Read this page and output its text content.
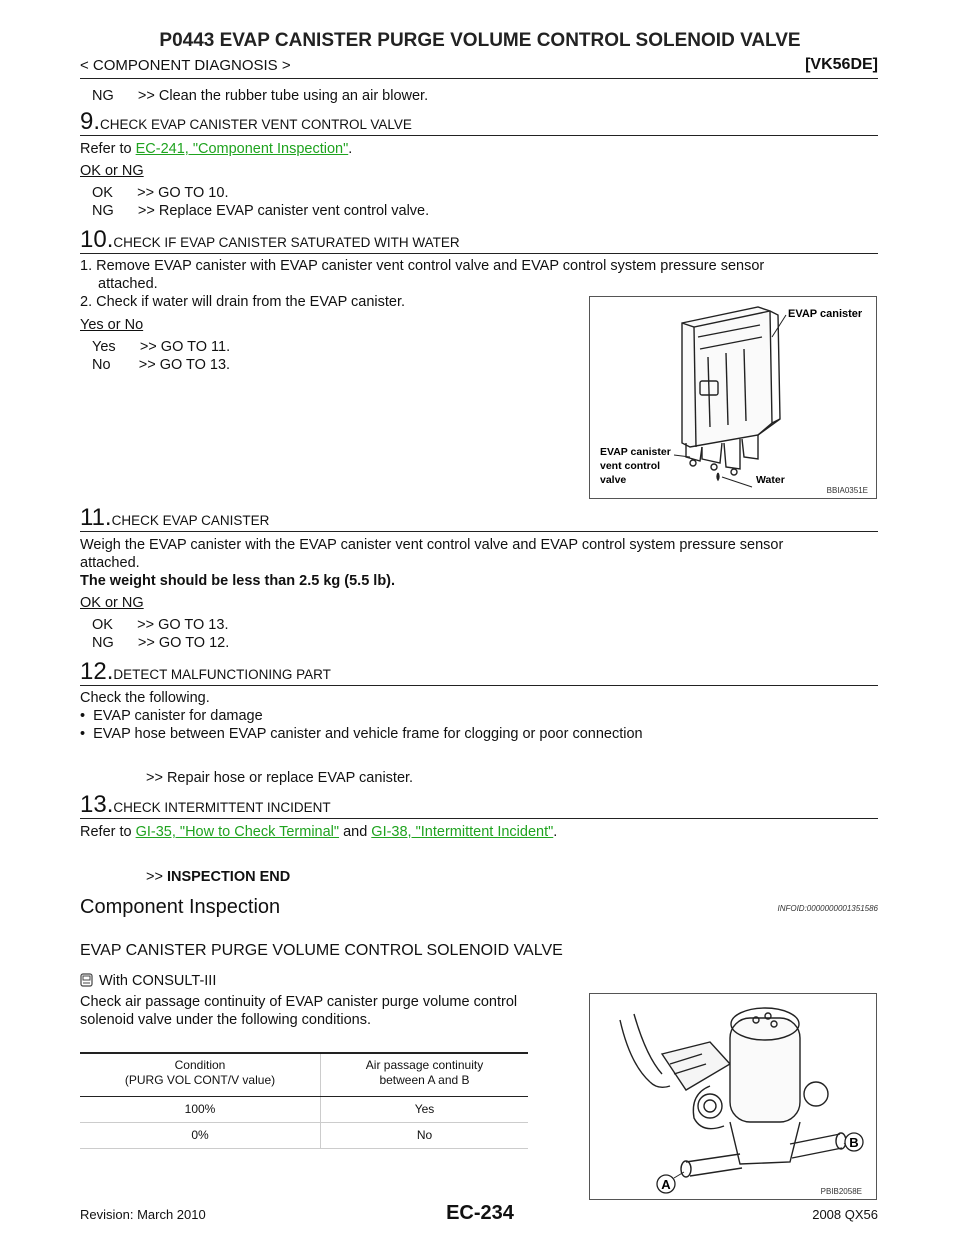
P0443 EVAP CANISTER PURGE VOLUME CONTROL SOLENOID VALVE
< COMPONENT DIAGNOSIS >	[VK56DE]
NG      >> Clean the rubber tube using an air blower.
9.CHECK EVAP CANISTER VENT CONTROL VALVE
Refer to EC-241, "Component Inspection".
OK or NG
OK      >> GO TO 10.
NG      >> Replace EVAP canister vent control valve.
10.CHECK IF EVAP CANISTER SATURATED WITH WATER
1. Remove EVAP canister with EVAP canister vent control valve and EVAP control system pressure sensor
attached.
2. Check if water will drain from the EVAP canister.
Yes or No
Yes      >> GO TO 11.
No       >> GO TO 13.
EVAP canister
EVAP canister
vent control
valve	Water
BBIA0351E
11.CHECK EVAP CANISTER
Weigh the EVAP canister with the EVAP canister vent control valve and EVAP control system pressure sensor
attached.
The weight should be less than 2.5 kg (5.5 lb).
OK or NG
OK      >> GO TO 13.
NG      >> GO TO 12.
12.DETECT MALFUNCTIONING PART
Check the following.
•  EVAP canister for damage
•  EVAP hose between EVAP canister and vehicle frame for clogging or poor connection
>> Repair hose or replace EVAP canister.
13.CHECK INTERMITTENT INCIDENT
Refer to GI-35, "How to Check Terminal" and GI-38, "Intermittent Incident".
>> INSPECTION END
Component Inspection	INFOID:0000000001351586
EVAP CANISTER PURGE VOLUME CONTROL SOLENOID VALVE
With CONSULT-III
Check air passage continuity of EVAP canister purge volume control
solenoid valve under the following conditions.
Condition
(PURG VOL CONT/V value)	Air passage continuity
between A and B
100%	Yes
0%	No
A
B
PBIB2058E
Revision: March 2010	EC-234	2008 QX56
